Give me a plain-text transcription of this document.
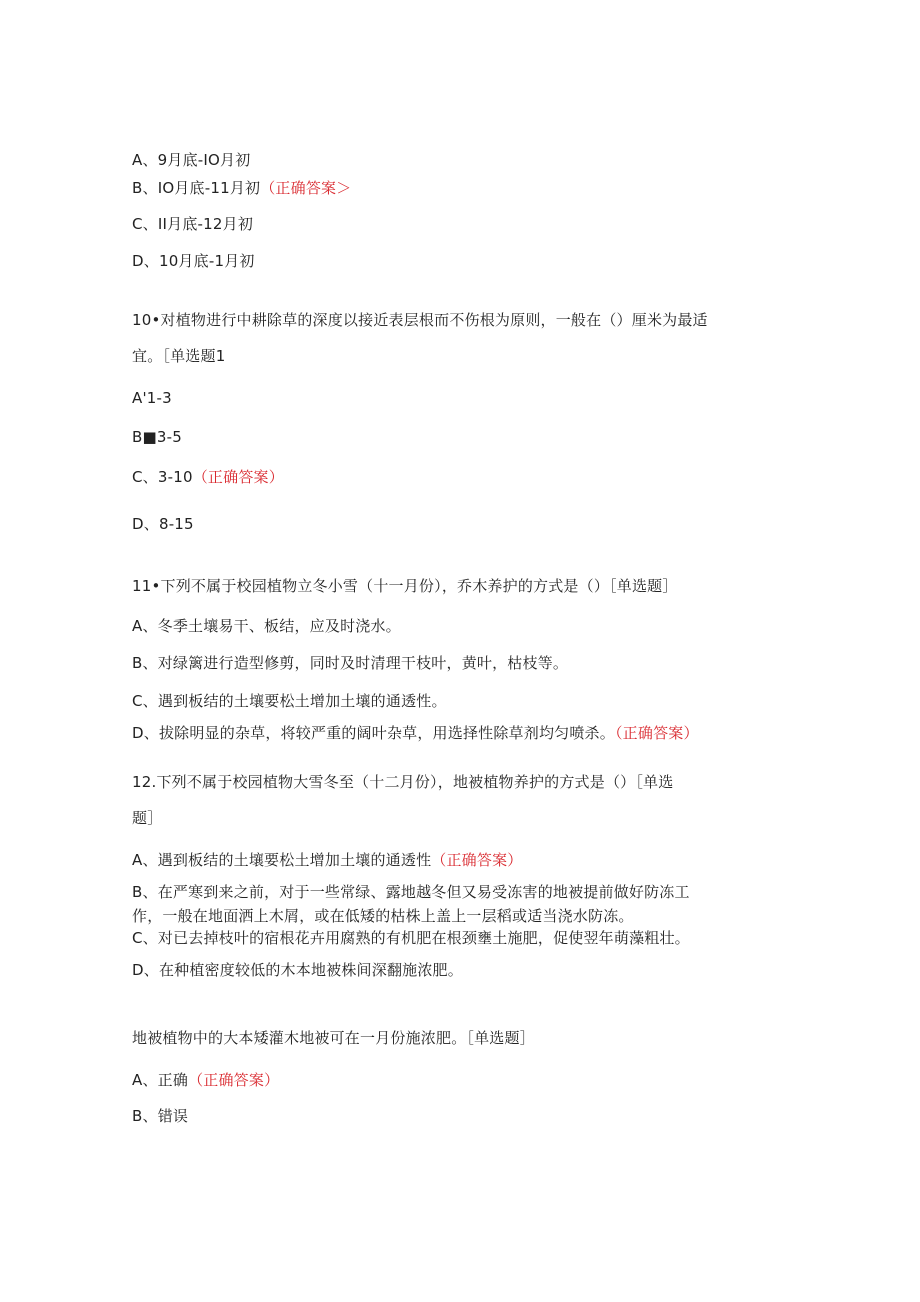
A、9月底-IO月初

B、IO月底-11月初（正确答案＞

C、II月底-12月初

D、10月底-1月初

10•对植物进行中耕除草的深度以接近表层根而不伤根为原则，一般在（）厘米为最适

宜。［单选题1

A'1-3

B■3-5

C、3-10（正确答案）

D、8-15

11•下列不属于校园植物立冬小雪（十一月份），乔木养护的方式是（）［单选题］

A、冬季土壤易干、板结，应及时浇水。

B、对绿篱进行造型修剪，同时及时清理干枝叶，黄叶，枯枝等。

C、遇到板结的土壤要松土增加土壤的通透性。

D、拔除明显的杂草，将较严重的阔叶杂草，用选择性除草剂均匀喷杀。（正确答案）

12.下列不属于校园植物大雪冬至（十二月份），地被植物养护的方式是（）［单选

题］

A、遇到板结的土壤要松土增加土壤的通透性（正确答案）

B、在严寒到来之前，对于一些常绿、露地越冬但又易受冻害的地被提前做好防冻工

作，一般在地面洒上木屑，或在低矮的枯株上盖上一层稻或适当浇水防冻。

C、对已去掉枝叶的宿根花卉用腐熟的有机肥在根颈壅土施肥，促使翌年萌藻粗壮。

D、在种植密度较低的木本地被株间深翻施浓肥。

地被植物中的大本矮灌木地被可在一月份施浓肥。［单选题］

A、正确（正确答案）

B、错误
